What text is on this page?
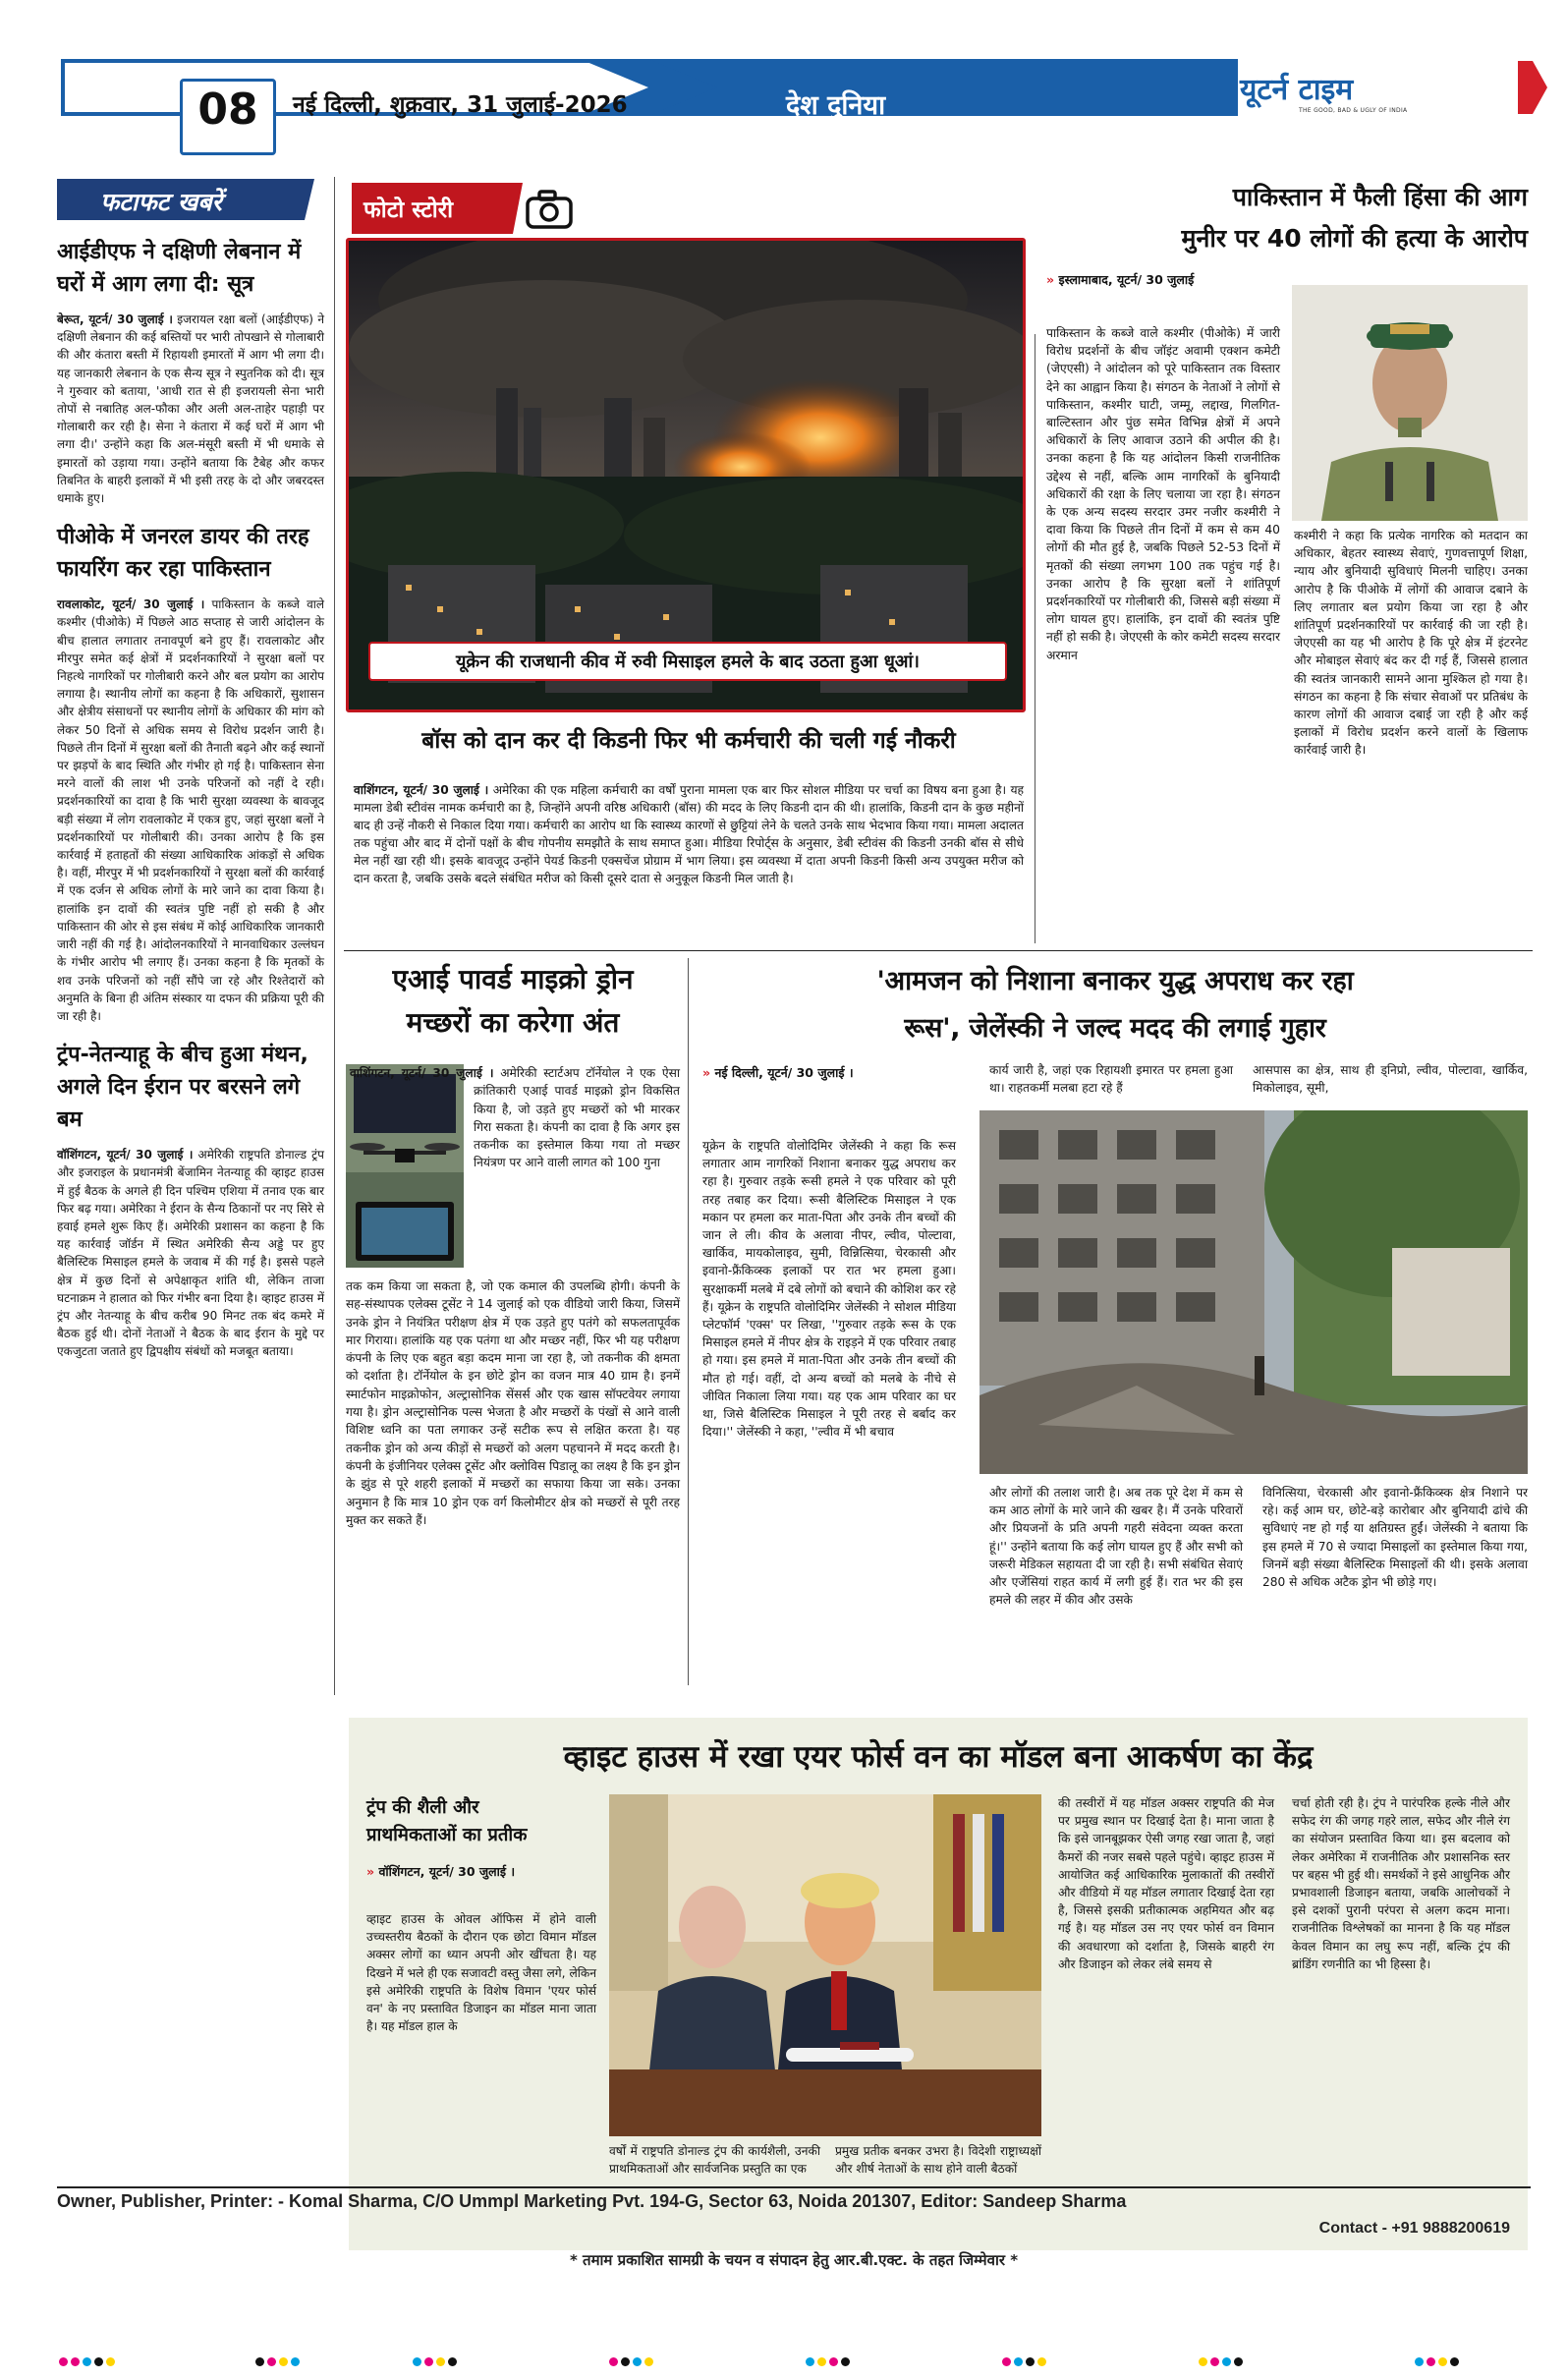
08	नई दिल्ली, शुक्रवार, 31 जुलाई-2026	देश दुनिया	यूटर्न टाइम
THE GOOD, BAD & UGLY OF INDIA
फटाफट खबरें
आईडीएफ ने दक्षिणी लेबनान में घरों में आग लगा दी: सूत्र
बेरूत, यूटर्न/ 30 जुलाई । इजरायल रक्षा बलों (आईडीएफ) ने दक्षिणी लेबनान की कई बस्तियों पर भारी तोपखाने से गोलाबारी की और कंतारा बस्ती में रिहायशी इमारतों में आग भी लगा दी। यह जानकारी लेबनान के एक सैन्य सूत्र ने स्पुतनिक को दी। सूत्र ने गुरुवार को बताया, 'आधी रात से ही इजरायली सेना भारी तोपों से नबातिह अल-फौका और अली अल-ताहेर पहाड़ी पर गोलाबारी कर रही है। सेना ने कंतारा में कई घरों में आग भी लगा दी।' उन्होंने कहा कि अल-मंसूरी बस्ती में भी धमाके से इमारतों को उड़ाया गया। उन्होंने बताया कि टैबेह और कफर तिबनित के बाहरी इलाकों में भी इसी तरह के दो और जबरदस्त धमाके हुए।
पीओके में जनरल डायर की तरह फायरिंग कर रहा पाकिस्तान
रावलाकोट, यूटर्न/ 30 जुलाई । पाकिस्तान के कब्जे वाले कश्मीर (पीओके) में पिछले आठ सप्ताह से जारी आंदोलन के बीच हालात लगातार तनावपूर्ण बने हुए हैं। रावलाकोट और मीरपुर समेत कई क्षेत्रों में प्रदर्शनकारियों ने सुरक्षा बलों पर निहत्थे नागरिकों पर गोलीबारी करने और बल प्रयोग का आरोप लगाया है। स्थानीय लोगों का कहना है कि अधिकारों, सुशासन और क्षेत्रीय संसाधनों पर स्थानीय लोगों के अधिकार की मांग को लेकर 50 दिनों से अधिक समय से विरोध प्रदर्शन जारी है। पिछले तीन दिनों में सुरक्षा बलों की तैनाती बढ़ने और कई स्थानों पर झड़पों के बाद स्थिति और गंभीर हो गई है। पाकिस्तान सेना मरने वालों की लाश भी उनके परिजनों को नहीं दे रही। प्रदर्शनकारियों का दावा है कि भारी सुरक्षा व्यवस्था के बावजूद बड़ी संख्या में लोग रावलाकोट में एकत्र हुए, जहां सुरक्षा बलों ने प्रदर्शनकारियों पर गोलीबारी की। उनका आरोप है कि इस कार्रवाई में हताहतों की संख्या आधिकारिक आंकड़ों से अधिक है। वहीं, मीरपुर में भी प्रदर्शनकारियों ने सुरक्षा बलों की कार्रवाई में एक दर्जन से अधिक लोगों के मारे जाने का दावा किया है। हालांकि इन दावों की स्वतंत्र पुष्टि नहीं हो सकी है और पाकिस्तान की ओर से इस संबंध में कोई आधिकारिक जानकारी जारी नहीं की गई है। आंदोलनकारियों ने मानवाधिकार उल्लंघन के गंभीर आरोप भी लगाए हैं। उनका कहना है कि मृतकों के शव उनके परिजनों को नहीं सौंपे जा रहे और रिश्तेदारों को अनुमति के बिना ही अंतिम संस्कार या दफन की प्रक्रिया पूरी की जा रही है।
ट्रंप-नेतन्याहू के बीच हुआ मंथन, अगले दिन ईरान पर बरसने लगे बम
वॉशिंगटन, यूटर्न/ 30 जुलाई । अमेरिकी राष्ट्रपति डोनाल्ड ट्रंप और इजराइल के प्रधानमंत्री बेंजामिन नेतन्याहू की व्हाइट हाउस में हुई बैठक के अगले ही दिन पश्चिम एशिया में तनाव एक बार फिर बढ़ गया। अमेरिका ने ईरान के सैन्य ठिकानों पर नए सिरे से हवाई हमले शुरू किए हैं। अमेरिकी प्रशासन का कहना है कि यह कार्रवाई जॉर्डन में स्थित अमेरिकी सैन्य अड्डे पर हुए बैलिस्टिक मिसाइल हमले के जवाब में की गई है। इससे पहले क्षेत्र में कुछ दिनों से अपेक्षाकृत शांति थी, लेकिन ताजा घटनाक्रम ने हालात को फिर गंभीर बना दिया है। व्हाइट हाउस में ट्रंप और नेतन्याहू के बीच करीब 90 मिनट तक बंद कमरे में बैठक हुई थी। दोनों नेताओं ने बैठक के बाद ईरान के मुद्दे पर एकजुटता जताते हुए द्विपक्षीय संबंधों को मजबूत बताया।
फोटो स्टोरी
यूक्रेन की राजधानी कीव में रुवी मिसाइल हमले के बाद उठता हुआ धूआं।
बॉस को दान कर दी किडनी फिर भी कर्मचारी की चली गई नौकरी
वाशिंगटन, यूटर्न/ 30 जुलाई । अमेरिका की एक महिला कर्मचारी का वर्षों पुराना मामला एक बार फिर सोशल मीडिया पर चर्चा का विषय बना हुआ है। यह मामला डेबी स्टीवंस नामक कर्मचारी का है, जिन्होंने अपनी वरिष्ठ अधिकारी (बॉस) की मदद के लिए किडनी दान की थी। हालांकि, किडनी दान के कुछ महीनों बाद ही उन्हें नौकरी से निकाल दिया गया। कर्मचारी का आरोप था कि स्वास्थ्य कारणों से छुट्टियां लेने के चलते उनके साथ भेदभाव किया गया। मामला अदालत तक पहुंचा और बाद में दोनों पक्षों के बीच गोपनीय समझौते के साथ समाप्त हुआ। मीडिया रिपोर्ट्स के अनुसार, डेबी स्टीवंस की किडनी उनकी बॉस से सीधे मेल नहीं खा रही थी। इसके बावजूद उन्होंने पेयर्ड किडनी एक्सचेंज प्रोग्राम में भाग लिया। इस व्यवस्था में दाता अपनी किडनी किसी अन्य उपयुक्त मरीज को दान करता है, जबकि उसके बदले संबंधित मरीज को किसी दूसरे दाता से अनुकूल किडनी मिल जाती है।
पाकिस्तान में फैली हिंसा की आग
मुनीर पर 40 लोगों की हत्या के आरोप
» इस्लामाबाद, यूटर्न/ 30 जुलाई
पाकिस्तान के कब्जे वाले कश्मीर (पीओके) में जारी विरोध प्रदर्शनों के बीच जॉइंट अवामी एक्शन कमेटी (जेएएसी) ने आंदोलन को पूरे पाकिस्तान तक विस्तार देने का आह्वान किया है। संगठन के नेताओं ने लोगों से पाकिस्तान, कश्मीर घाटी, जम्मू, लद्दाख, गिलगित-बाल्टिस्तान और पुंछ समेत विभिन्न क्षेत्रों में अपने अधिकारों के लिए आवाज उठाने की अपील की है। उनका कहना है कि यह आंदोलन किसी राजनीतिक उद्देश्य से नहीं, बल्कि आम नागरिकों के बुनियादी अधिकारों की रक्षा के लिए चलाया जा रहा है। संगठन के एक अन्य सदस्य सरदार उमर नजीर कश्मीरी ने दावा किया कि पिछले तीन दिनों में कम से कम 40 लोगों की मौत हुई है, जबकि पिछले 52-53 दिनों में मृतकों की संख्या लगभग 100 तक पहुंच गई है। उनका आरोप है कि सुरक्षा बलों ने शांतिपूर्ण प्रदर्शनकारियों पर गोलीबारी की, जिससे बड़ी संख्या में लोग घायल हुए। हालांकि, इन दावों की स्वतंत्र पुष्टि नहीं हो सकी है। जेएएसी के कोर कमेटी सदस्य सरदार अरमान
कश्मीरी ने कहा कि प्रत्येक नागरिक को मतदान का अधिकार, बेहतर स्वास्थ्य सेवाएं, गुणवत्तापूर्ण शिक्षा, न्याय और बुनियादी सुविधाएं मिलनी चाहिए। उनका आरोप है कि पीओके में लोगों की आवाज दबाने के लिए लगातार बल प्रयोग किया जा रहा है और शांतिपूर्ण प्रदर्शनकारियों पर कार्रवाई की जा रही है। जेएएसी का यह भी आरोप है कि पूरे क्षेत्र में इंटरनेट और मोबाइल सेवाएं बंद कर दी गई हैं, जिससे हालात की स्वतंत्र जानकारी सामने आना मुश्किल हो गया है। संगठन का कहना है कि संचार सेवाओं पर प्रतिबंध के कारण लोगों की आवाज दबाई जा रही है और कई इलाकों में विरोध प्रदर्शन करने वालों के खिलाफ कार्रवाई जारी है।
एआई पावर्ड माइक्रो ड्रोन
मच्छरों का करेगा अंत
वाशिंगटन, यूटर्न/ 30 जुलाई । अमेरिकी स्टार्टअप टॉर्नेयोल ने एक ऐसा क्रांतिकारी एआई पावर्ड माइक्रो ड्रोन विकसित किया है, जो उड़ते हुए मच्छरों को भी मारकर गिरा सकता है। कंपनी का दावा है कि अगर इस तकनीक का इस्तेमाल किया गया तो मच्छर नियंत्रण पर आने वाली लागत को 100 गुना
तक कम किया जा सकता है, जो एक कमाल की उपलब्धि होगी। कंपनी के सह-संस्थापक एलेक्स टूसेंट ने 14 जुलाई को एक वीडियो जारी किया, जिसमें उनके ड्रोन ने नियंत्रित परीक्षण क्षेत्र में एक उड़ते हुए पतंगे को सफलतापूर्वक मार गिराया। हालांकि यह एक पतंगा था और मच्छर नहीं, फिर भी यह परीक्षण कंपनी के लिए एक बहुत बड़ा कदम माना जा रहा है, जो तकनीक की क्षमता को दर्शाता है। टॉर्नेयोल के इन छोटे ड्रोन का वजन मात्र 40 ग्राम है। इनमें स्मार्टफोन माइक्रोफोन, अल्ट्रासोनिक सेंसर्स और एक खास सॉफ्टवेयर लगाया गया है। ड्रोन अल्ट्रासोनिक पल्स भेजता है और मच्छरों के पंखों से आने वाली विशिष्ट ध्वनि का पता लगाकर उन्हें सटीक रूप से लक्षित करता है। यह तकनीक ड्रोन को अन्य कीड़ों से मच्छरों को अलग पहचानने में मदद करती है। कंपनी के इंजीनियर एलेक्स टूसेंट और क्लोविस पिडालू का लक्ष्य है कि इन ड्रोन के झुंड से पूरे शहरी इलाकों में मच्छरों का सफाया किया जा सके। उनका अनुमान है कि मात्र 10 ड्रोन एक वर्ग किलोमीटर क्षेत्र को मच्छरों से पूरी तरह मुक्त कर सकते हैं।
'आमजन को निशाना बनाकर युद्ध अपराध कर रहा
रूस', जेलेंस्की ने जल्द मदद की लगाई गुहार
» नई दिल्ली, यूटर्न/ 30 जुलाई ।
यूक्रेन के राष्ट्रपति वोलोदिमिर जेलेंस्की ने कहा कि रूस लगातार आम नागरिकों निशाना बनाकर युद्ध अपराध कर रहा है। गुरुवार तड़के रूसी हमले ने एक परिवार को पूरी तरह तबाह कर दिया। रूसी बैलिस्टिक मिसाइल ने एक मकान पर हमला कर माता-पिता और उनके तीन बच्चों की जान ले ली। कीव के अलावा नीपर, ल्वीव, पोल्टावा, खार्किव, मायकोलाइव, सुमी, विन्नित्सिया, चेरकासी और इवानो-फ्रैंकिव्स्क इलाकों पर रात भर हमला हुआ। सुरक्षाकर्मी मलबे में दबे लोगों को बचाने की कोशिश कर रहे हैं। यूक्रेन के राष्ट्रपति वोलोदिमिर जेलेंस्की ने सोशल मीडिया प्लेटफॉर्म 'एक्स' पर लिखा, ''गुरुवार तड़के रूस के एक मिसाइल हमले में नीपर क्षेत्र के राइड़ने में एक परिवार तबाह हो गया। इस हमले में माता-पिता और उनके तीन बच्चों की मौत हो गई। वहीं, दो अन्य बच्चों को मलबे के नीचे से जीवित निकाला लिया गया। यह एक आम परिवार का घर था, जिसे बैलिस्टिक मिसाइल ने पूरी तरह से बर्बाद कर दिया।'' जेलेंस्की ने कहा, ''ल्वीव में भी बचाव
कार्य जारी है, जहां एक रिहायशी इमारत पर हमला हुआ था। राहतकर्मी मलबा हटा रहे हैं
आसपास का क्षेत्र, साथ ही ड्निप्रो, ल्वीव, पोल्टावा, खार्किव, मिकोलाइव, सूमी,
और लोगों की तलाश जारी है। अब तक पूरे देश में कम से कम आठ लोगों के मारे जाने की खबर है। मैं उनके परिवारों और प्रियजनों के प्रति अपनी गहरी संवेदना व्यक्त करता हूं।'' उन्होंने बताया कि कई लोग घायल हुए हैं और सभी को जरूरी मेडिकल सहायता दी जा रही है। सभी संबंधित सेवाएं और एजेंसियां राहत कार्य में लगी हुई हैं। रात भर की इस हमले की लहर में कीव और उसके
विनित्सिया, चेरकासी और इवानो-फ्रैंकिव्स्क क्षेत्र निशाने पर रहे। कई आम घर, छोटे-बड़े कारोबार और बुनियादी ढांचे की सुविधाएं नष्ट हो गईं या क्षतिग्रस्त हुईं। जेलेंस्की ने बताया कि इस हमले में 70 से ज्यादा मिसाइलों का इस्तेमाल किया गया, जिनमें बड़ी संख्या बैलिस्टिक मिसाइलों की थी। इसके अलावा 280 से अधिक अटैक ड्रोन भी छोड़े गए।
व्हाइट हाउस में रखा एयर फोर्स वन का मॉडल बना आकर्षण का केंद्र
ट्रंप की शैली और
प्राथमिकताओं का प्रतीक
» वॉशिंगटन, यूटर्न/ 30 जुलाई ।
व्हाइट हाउस के ओवल ऑफिस में होने वाली उच्चस्तरीय बैठकों के दौरान एक छोटा विमान मॉडल अक्सर लोगों का ध्यान अपनी ओर खींचता है। यह दिखने में भले ही एक सजावटी वस्तु जैसा लगे, लेकिन इसे अमेरिकी राष्ट्रपति के विशेष विमान 'एयर फोर्स वन' के नए प्रस्तावित डिजाइन का मॉडल माना जाता है। यह मॉडल हाल के
वर्षों में राष्ट्रपति डोनाल्ड ट्रंप की कार्यशैली, उनकी प्राथमिकताओं और सार्वजनिक प्रस्तुति का एक
प्रमुख प्रतीक बनकर उभरा है। विदेशी राष्ट्राध्यक्षों और शीर्ष नेताओं के साथ होने वाली बैठकों
की तस्वीरों में यह मॉडल अक्सर राष्ट्रपति की मेज पर प्रमुख स्थान पर दिखाई देता है। माना जाता है कि इसे जानबूझकर ऐसी जगह रखा जाता है, जहां कैमरों की नजर सबसे पहले पहुंचे। व्हाइट हाउस में आयोजित कई आधिकारिक मुलाकातों की तस्वीरों और वीडियो में यह मॉडल लगातार दिखाई देता रहा है, जिससे इसकी प्रतीकात्मक अहमियत और बढ़ गई है। यह मॉडल उस नए एयर फोर्स वन विमान की अवधारणा को दर्शाता है, जिसके बाहरी रंग और डिजाइन को लेकर लंबे समय से
चर्चा होती रही है। ट्रंप ने पारंपरिक हल्के नीले और सफेद रंग की जगह गहरे लाल, सफेद और नीले रंग का संयोजन प्रस्तावित किया था। इस बदलाव को लेकर अमेरिका में राजनीतिक और प्रशासनिक स्तर पर बहस भी हुई थी। समर्थकों ने इसे आधुनिक और प्रभावशाली डिजाइन बताया, जबकि आलोचकों ने इसे दशकों पुरानी परंपरा से अलग कदम माना। राजनीतिक विश्लेषकों का मानना है कि यह मॉडल केवल विमान का लघु रूप नहीं, बल्कि ट्रंप की ब्रांडिंग रणनीति का भी हिस्सा है।
Owner, Publisher, Printer: - Komal Sharma, C/O Ummpl Marketing Pvt. 194-G, Sector 63, Noida 201307, Editor: Sandeep Sharma
Contact - +91 9888200619
* तमाम प्रकाशित सामग्री के चयन व संपादन हेतु आर.बी.एक्ट. के तहत जिम्मेवार *
